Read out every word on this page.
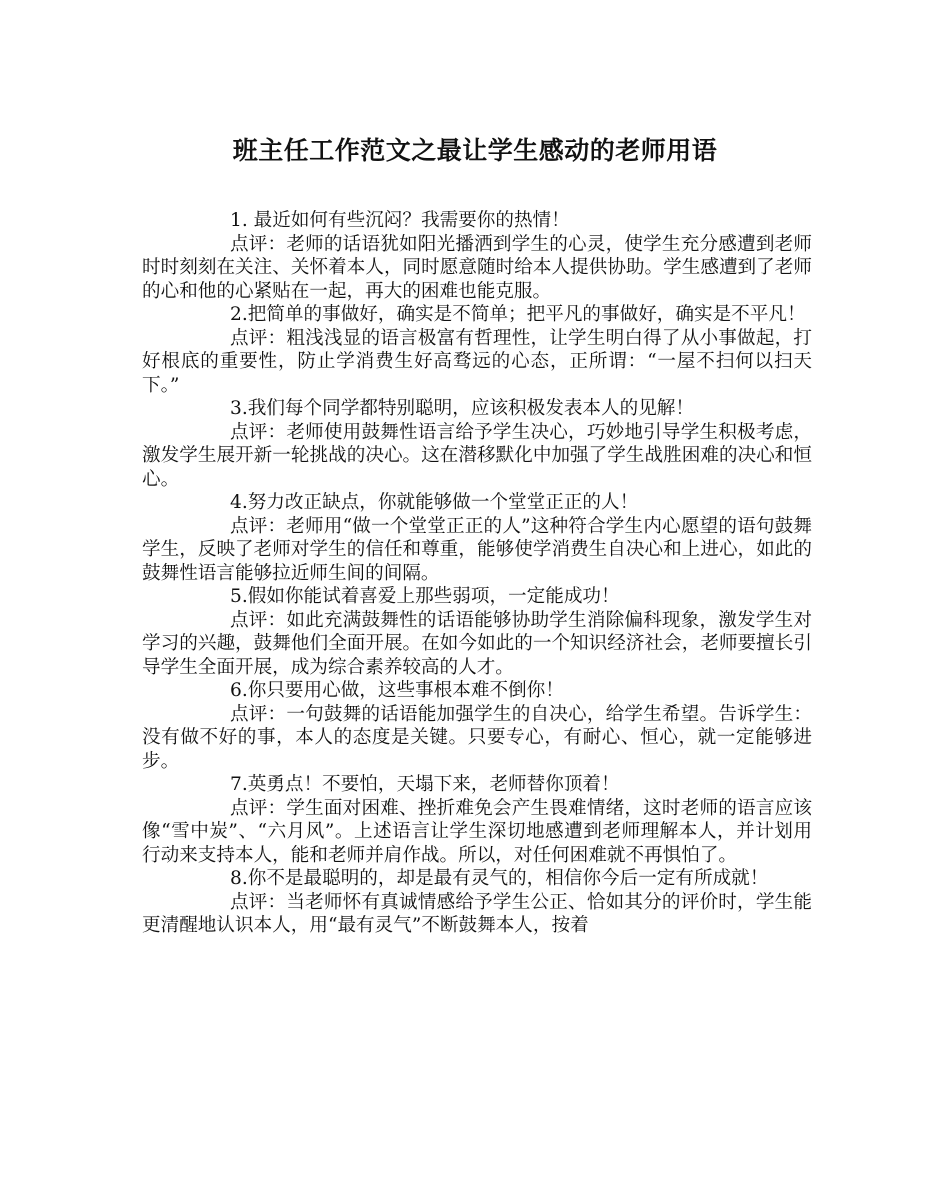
班主任工作范文之最让学生感动的老师用语

1. 最近如何有些沉闷？我需要你的热情！

点评：老师的话语犹如阳光播洒到学生的心灵，使学生充分感遭到老师时时刻刻在关注、关怀着本人，同时愿意随时给本人提供协助。学生感遭到了老师的心和他的心紧贴在一起，再大的困难也能克服。

2.把简单的事做好，确实是不简单；把平凡的事做好，确实是不平凡！

点评：粗浅浅显的语言极富有哲理性，让学生明白得了从小事做起，打好根底的重要性，防止学消费生好高骛远的心态，正所谓：“一屋不扫何以扫天下。”

3.我们每个同学都特别聪明，应该积极发表本人的见解！

点评：老师使用鼓舞性语言给予学生决心，巧妙地引导学生积极考虑，激发学生展开新一轮挑战的决心。这在潜移默化中加强了学生战胜困难的决心和恒心。

4.努力改正缺点，你就能够做一个堂堂正正的人！

点评：老师用“做一个堂堂正正的人”这种符合学生内心愿望的语句鼓舞学生，反映了老师对学生的信任和尊重，能够使学消费生自决心和上进心，如此的鼓舞性语言能够拉近师生间的间隔。

5.假如你能试着喜爱上那些弱项，一定能成功！

点评：如此充满鼓舞性的话语能够协助学生消除偏科现象，激发学生对学习的兴趣，鼓舞他们全面开展。在如今如此的一个知识经济社会，老师要擅长引导学生全面开展，成为综合素养较高的人才。

6.你只要用心做，这些事根本难不倒你！

点评：一句鼓舞的话语能加强学生的自决心，给学生希望。告诉学生：没有做不好的事，本人的态度是关键。只要专心，有耐心、恒心，就一定能够进步。

7.英勇点！不要怕，天塌下来，老师替你顶着！

点评：学生面对困难、挫折难免会产生畏难情绪，这时老师的语言应该像“雪中炭”、“六月风”。上述语言让学生深切地感遭到老师理解本人，并计划用行动来支持本人，能和老师并肩作战。所以，对任何困难就不再惧怕了。

8.你不是最聪明的，却是最有灵气的，相信你今后一定有所成就！

点评：当老师怀有真诚情感给予学生公正、恰如其分的评价时，学生能更清醒地认识本人，用“最有灵气”不断鼓舞本人，按着
